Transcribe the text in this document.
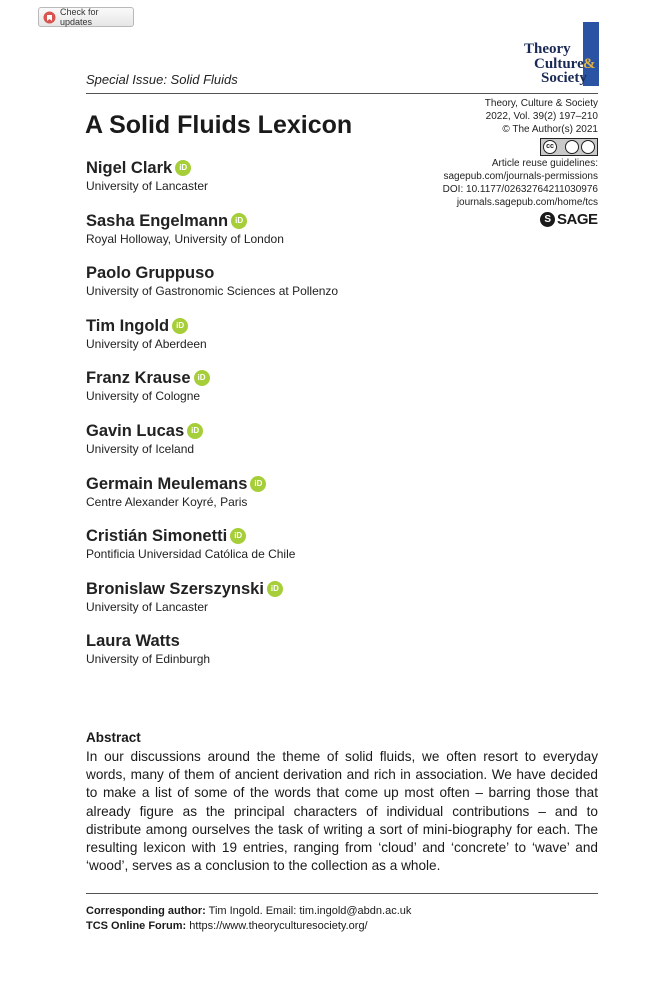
Check for updates
Theory
Culture &
Society
Special Issue: Solid Fluids
Theory, Culture & Society
2022, Vol. 39(2) 197–210
© The Author(s) 2021
cc
Article reuse guidelines:
sagepub.com/journals-permissions
DOI: 10.1177/02632764211030976
journals.sagepub.com/home/tcs
S SAGE
A Solid Fluids Lexicon
Nigel Clark iD
University of Lancaster
Sasha Engelmann iD
Royal Holloway, University of London
Paolo Gruppuso
University of Gastronomic Sciences at Pollenzo
Tim Ingold iD
University of Aberdeen
Franz Krause iD
University of Cologne
Gavin Lucas iD
University of Iceland
Germain Meulemans iD
Centre Alexander Koyré, Paris
Cristián Simonetti iD
Pontificia Universidad Católica de Chile
Bronislaw Szerszynski iD
University of Lancaster
Laura Watts
University of Edinburgh
Abstract
In our discussions around the theme of solid fluids, we often resort to everyday words, many of them of ancient derivation and rich in association. We have decided to make a list of some of the words that come up most often – barring those that already figure as the principal characters of individual contributions – and to distribute among ourselves the task of writing a sort of mini-biography for each. The resulting lexicon with 19 entries, ranging from ‘cloud’ and ‘concrete’ to ‘wave’ and ‘wood’, serves as a conclusion to the collection as a whole.
Corresponding author: Tim Ingold. Email: tim.ingold@abdn.ac.uk
TCS Online Forum: https://www.theoryculturesociety.org/
